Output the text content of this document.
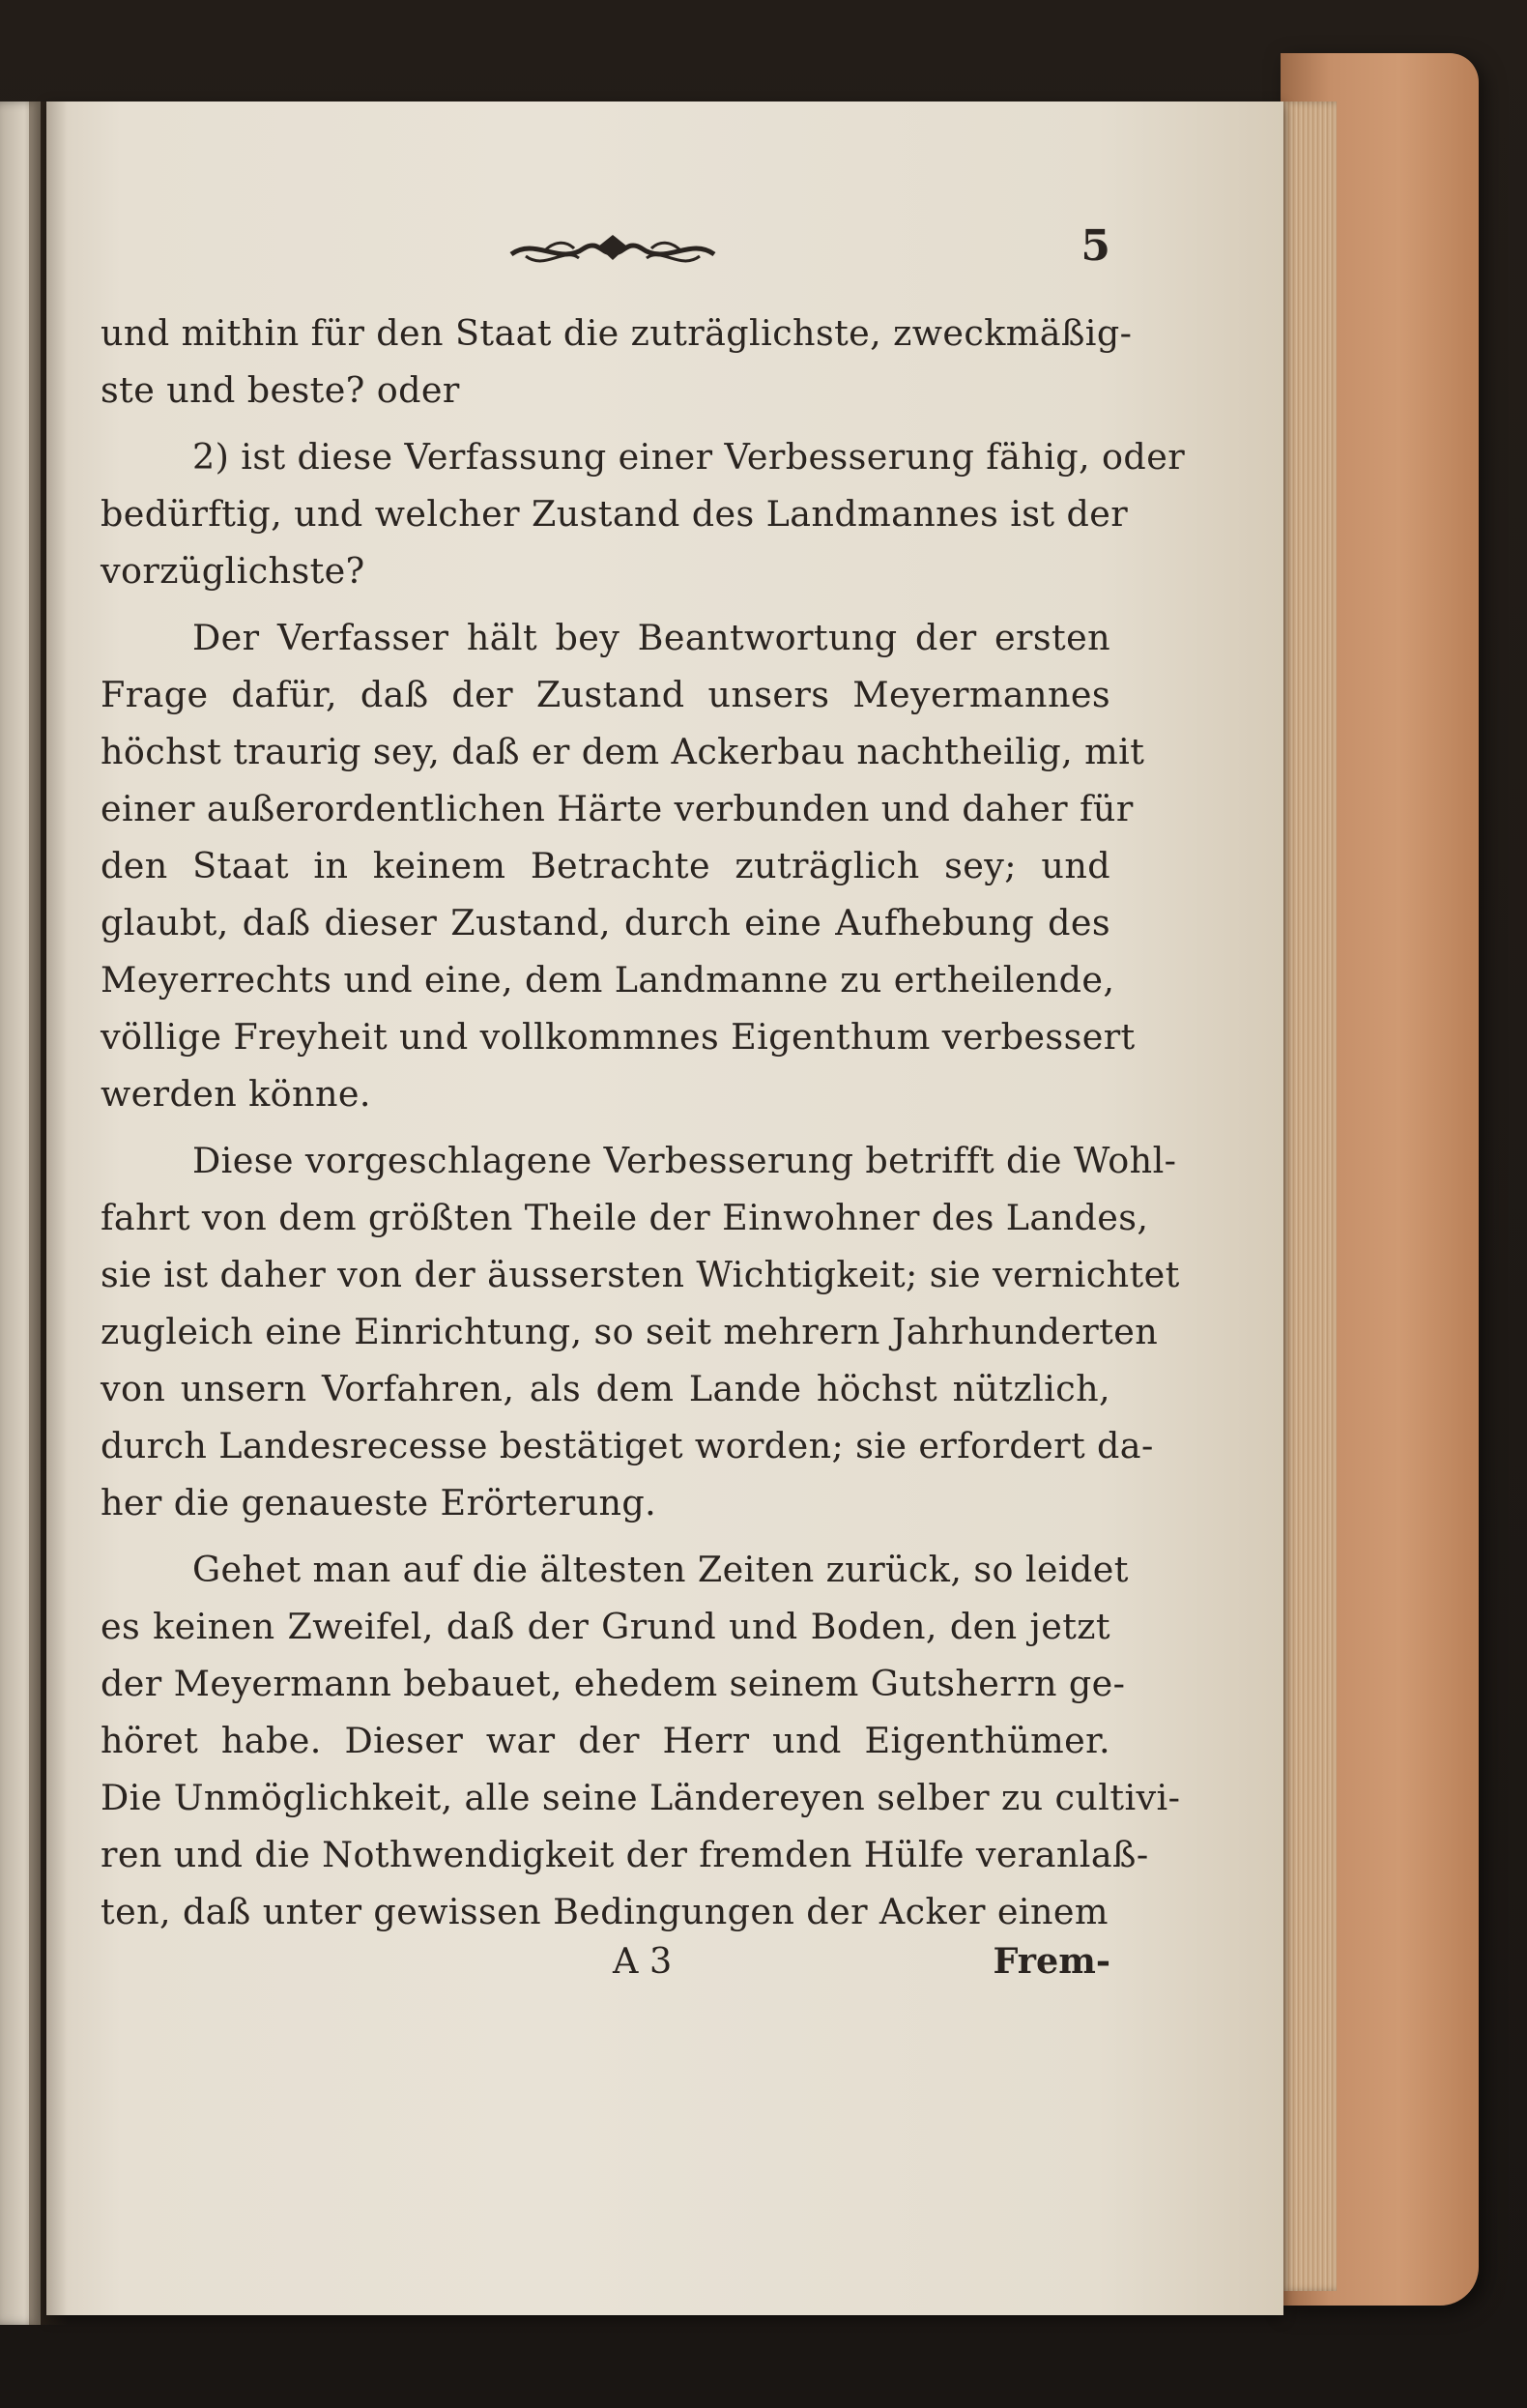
5

und mithin für den Staat die zuträglichste, zweckmäßig-
ste und beste? oder

2) ist diese Verfassung einer Verbesserung fähig, oder
bedürftig, und welcher Zustand des Landmannes ist der
vorzüglichste?

Der Verfasser hält bey Beantwortung der ersten
Frage dafür, daß der Zustand unsers Meyermannes
höchst traurig sey, daß er dem Ackerbau nachtheilig, mit
einer außerordentlichen Härte verbunden und daher für
den Staat in keinem Betrachte zuträglich sey; und
glaubt, daß dieser Zustand, durch eine Aufhebung des
Meyerrechts und eine, dem Landmanne zu ertheilende,
völlige Freyheit und vollkommnes Eigenthum verbessert
werden könne.

Diese vorgeschlagene Verbesserung betrifft die Wohl-
fahrt von dem größten Theile der Einwohner des Landes,
sie ist daher von der äussersten Wichtigkeit; sie vernichtet
zugleich eine Einrichtung, so seit mehrern Jahrhunderten
von unsern Vorfahren, als dem Lande höchst nützlich,
durch Landesrecesse bestätiget worden; sie erfordert da-
her die genaueste Erörterung.

Gehet man auf die ältesten Zeiten zurück, so leidet
es keinen Zweifel, daß der Grund und Boden, den jetzt
der Meyermann bebauet, ehedem seinem Gutsherrn ge-
höret habe. Dieser war der Herr und Eigenthümer.
Die Unmöglichkeit, alle seine Ländereyen selber zu cultivi-
ren und die Nothwendigkeit der fremden Hülfe veranlaß-
ten, daß unter gewissen Bedingungen der Acker einem

A 3	Frem-
